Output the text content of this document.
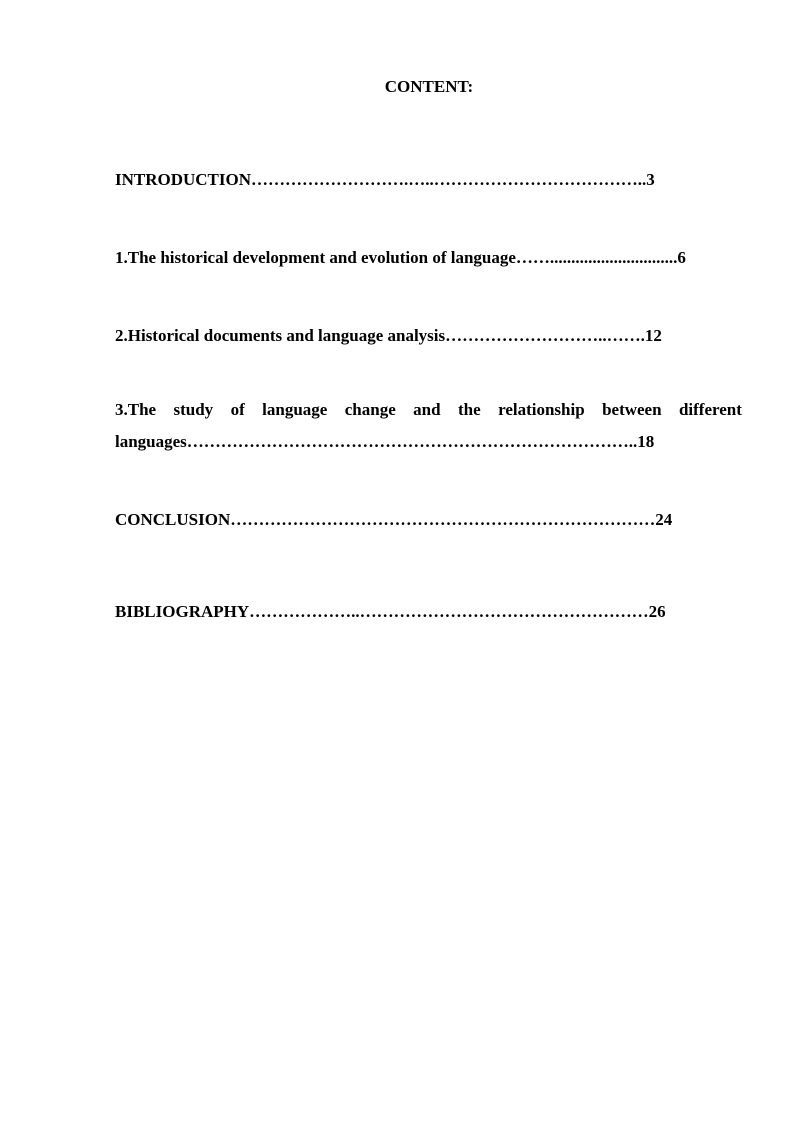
CONTENT:
INTRODUCTION……………………….…..………………………………..3
1.The historical development and evolution of language……..............................6
2.Historical documents and language analysis………………………..…….12
3.The study of language change and the relationship between different
languages……………………………………………………………………..18
CONCLUSION…………………………………………………………………24
BIBLIOGRAPHY………………..……………………………………………26
